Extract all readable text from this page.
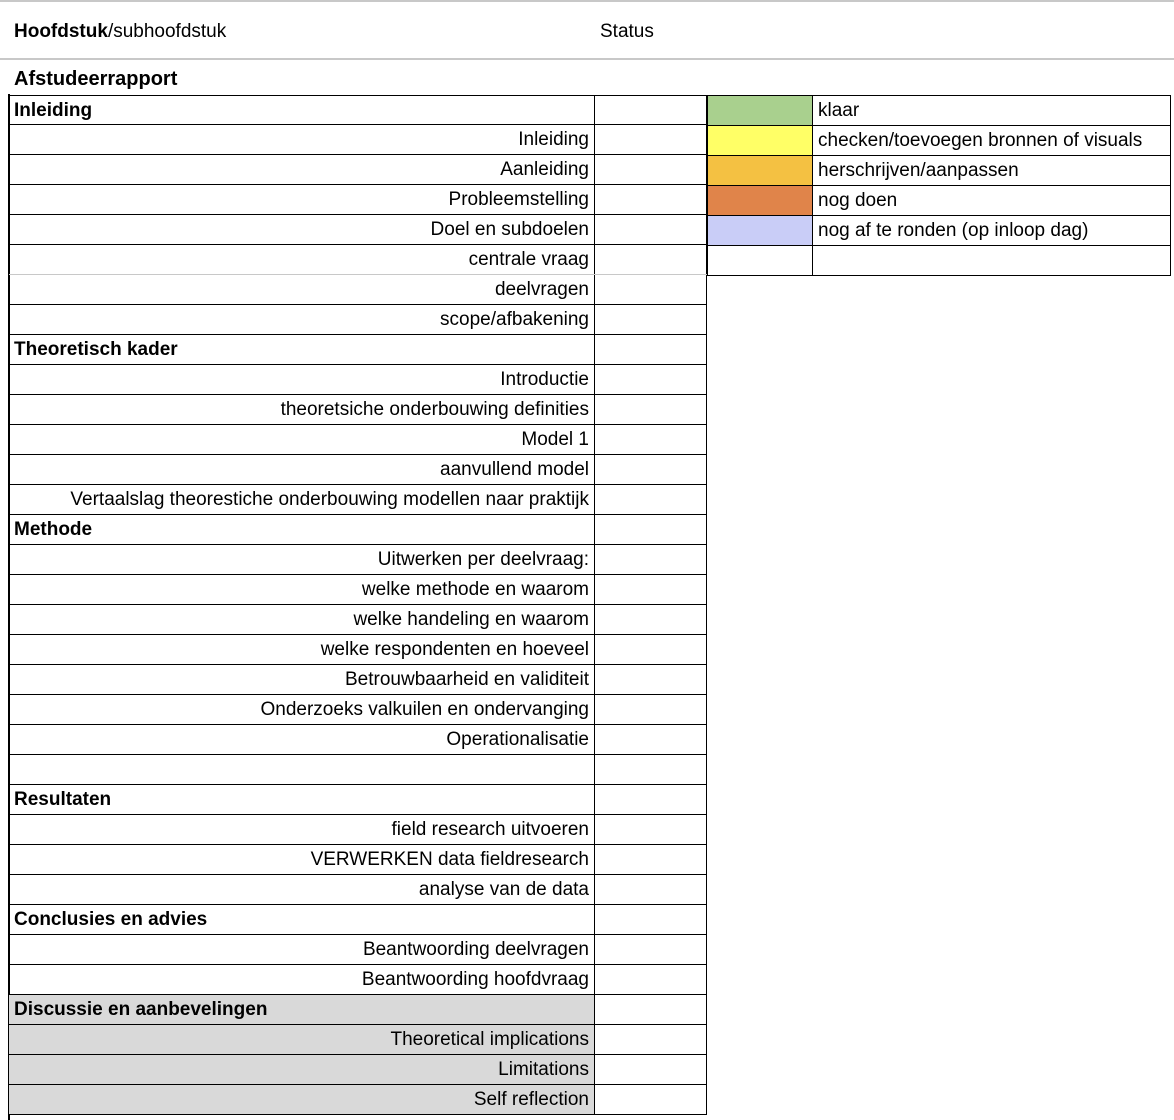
Hoofdstuk/subhoofdstuk	Status
Afstudeerrapport
Inleiding
Inleiding
Aanleiding
Probleemstelling
Doel en subdoelen
centrale vraag
deelvragen
scope/afbakening
Theoretisch kader
Introductie
theoretsiche onderbouwing definities
Model 1
aanvullend model
Vertaalslag theorestiche onderbouwing modellen naar praktijk
Methode
Uitwerken per deelvraag:
welke methode en waarom
welke handeling en waarom
welke respondenten en hoeveel
Betrouwbaarheid en validiteit
Onderzoeks valkuilen en ondervanging
Operationalisatie
Resultaten
field research uitvoeren
VERWERKEN data fieldresearch
analyse van de data
Conclusies en advies
Beantwoording deelvragen
Beantwoording hoofdvraag
Discussie en aanbevelingen
Theoretical implications
Limitations
Self reflection
klaar
checken/toevoegen bronnen of visuals
herschrijven/aanpassen
nog doen
nog af te ronden (op inloop dag)
